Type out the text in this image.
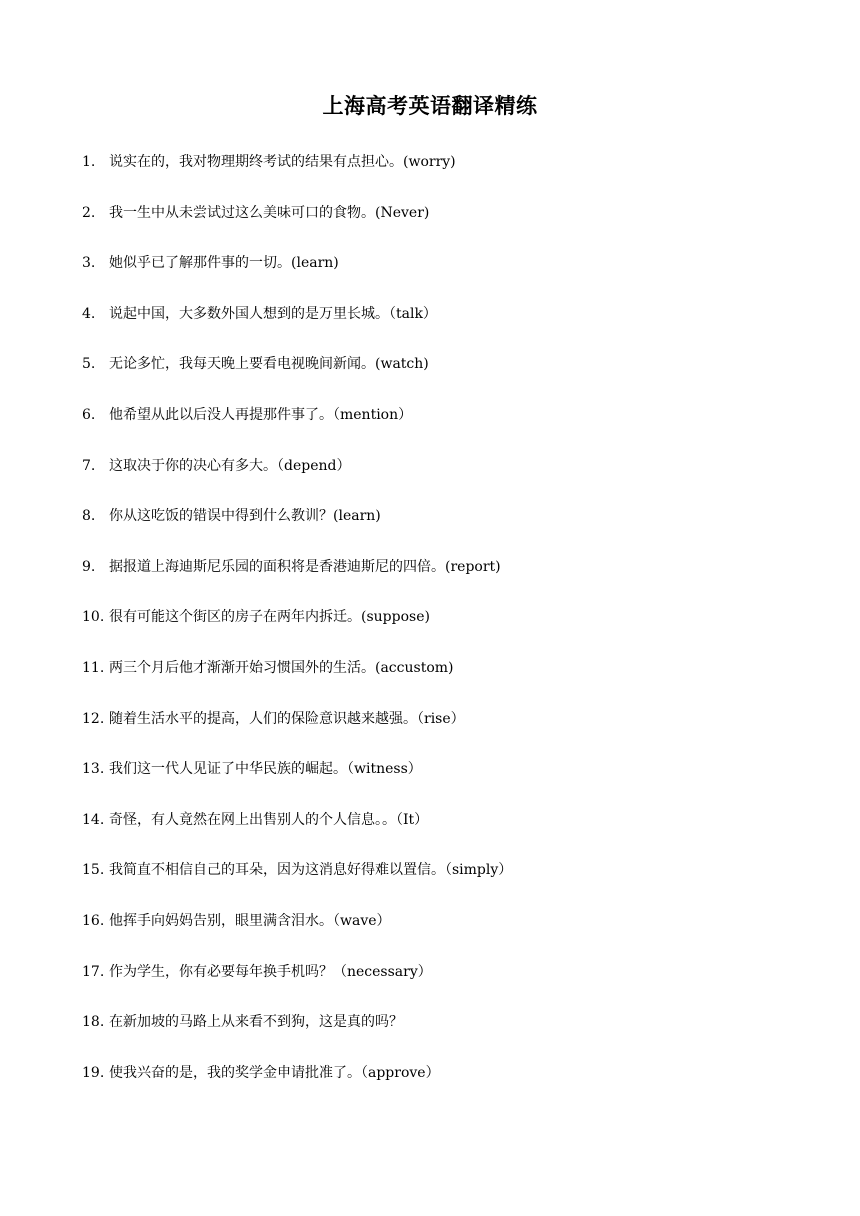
上海高考英语翻译精练
1. 说实在的，我对物理期终考试的结果有点担心。(worry)
2. 我一生中从未尝试过这么美味可口的食物。(Never)
3. 她似乎已了解那件事的一切。(learn)
4. 说起中国，大多数外国人想到的是万里长城。（talk）
5. 无论多忙，我每天晚上要看电视晚间新闻。(watch)
6. 他希望从此以后没人再提那件事了。（mention）
7. 这取决于你的决心有多大。（depend）
8. 你从这吃饭的错误中得到什么教训？(learn)
9. 据报道上海迪斯尼乐园的面积将是香港迪斯尼的四倍。(report)
10. 很有可能这个街区的房子在两年内拆迁。(suppose)
11. 两三个月后他才渐渐开始习惯国外的生活。(accustom)
12. 随着生活水平的提高，人们的保险意识越来越强。（rise）
13. 我们这一代人见证了中华民族的崛起。（witness）
14. 奇怪，有人竟然在网上出售别人的个人信息。。（It）
15. 我简直不相信自己的耳朵，因为这消息好得难以置信。（simply）
16. 他挥手向妈妈告别，眼里满含泪水。（wave）
17. 作为学生，你有必要每年换手机吗？（necessary）
18. 在新加坡的马路上从来看不到狗，这是真的吗？
19. 使我兴奋的是，我的奖学金申请批准了。（approve）
